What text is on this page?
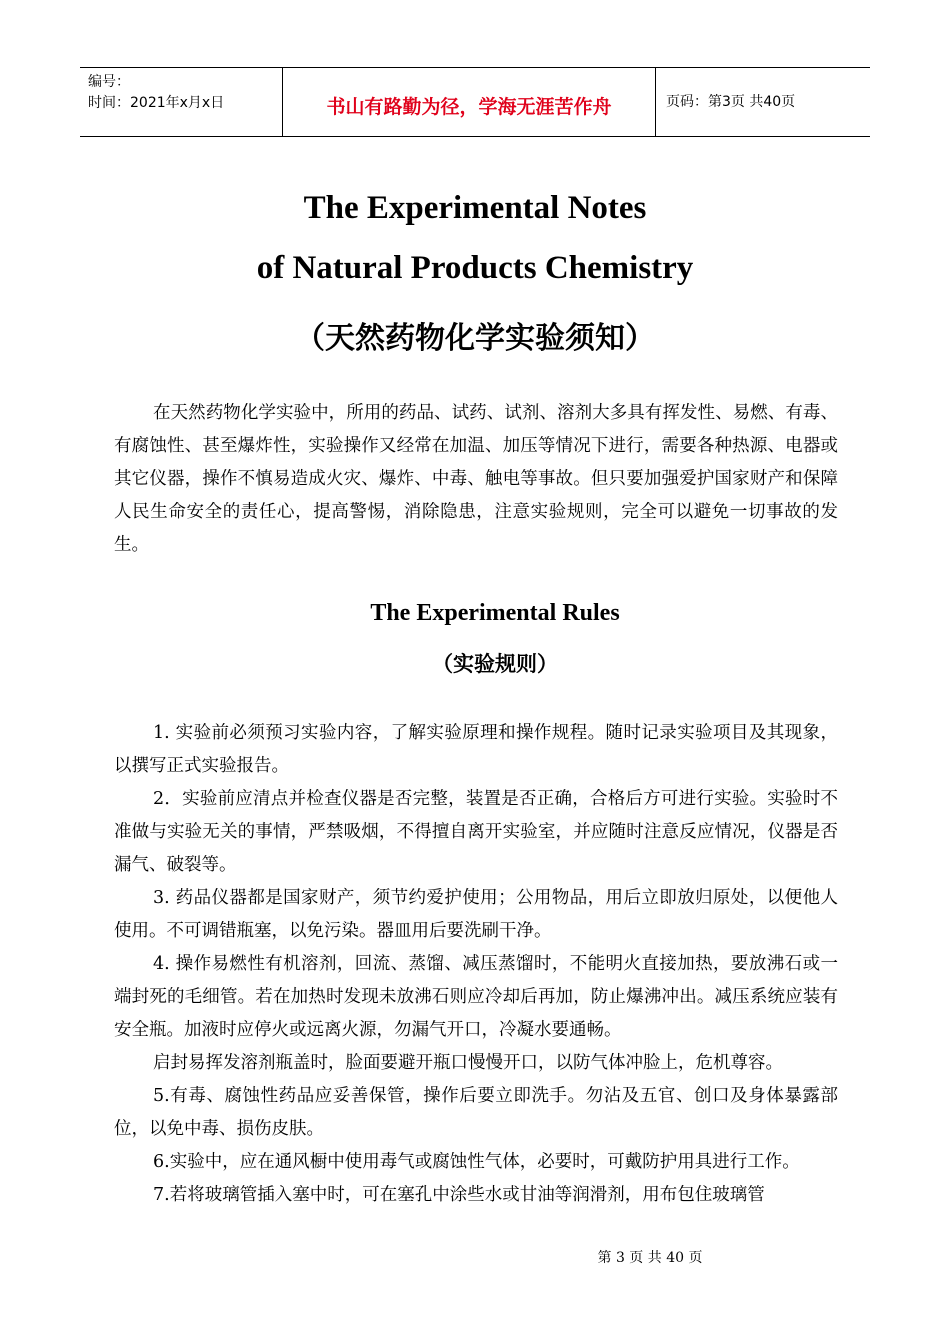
编号：
时间：2021年x月x日	书山有路勤为径，学海无涯苦作舟	页码：第3页 共40页
The Experimental Notes
of Natural Products Chemistry
（天然药物化学实验须知）

在天然药物化学实验中，所用的药品、试药、试剂、溶剂大多具有挥发性、易燃、有毒、有腐蚀性、甚至爆炸性，实验操作又经常在加温、加压等情况下进行，需要各种热源、电器或其它仪器，操作不慎易造成火灾、爆炸、中毒、触电等事故。但只要加强爱护国家财产和保障人民生命安全的责任心，提高警惕，消除隐患，注意实验规则，完全可以避免一切事故的发生。

The Experimental Rules
（实验规则）

1. 实验前必须预习实验内容，了解实验原理和操作规程。随时记录实验项目及其现象，以撰写正式实验报告。

2．实验前应清点并检查仪器是否完整，装置是否正确，合格后方可进行实验。实验时不准做与实验无关的事情，严禁吸烟，不得擅自离开实验室，并应随时注意反应情况，仪器是否漏气、破裂等。

3. 药品仪器都是国家财产，须节约爱护使用；公用物品，用后立即放归原处，以便他人使用。不可调错瓶塞，以免污染。器皿用后要洗刷干净。

4. 操作易燃性有机溶剂，回流、蒸馏、减压蒸馏时，不能明火直接加热，要放沸石或一端封死的毛细管。若在加热时发现未放沸石则应冷却后再加，防止爆沸冲出。减压系统应装有安全瓶。加液时应停火或远离火源，勿漏气开口，冷凝水要通畅。

启封易挥发溶剂瓶盖时，脸面要避开瓶口慢慢开口，以防气体冲脸上，危机尊容。

5.有毒、腐蚀性药品应妥善保管，操作后要立即洗手。勿沾及五官、创口及身体暴露部位，以免中毒、损伤皮肤。

6.实验中，应在通风橱中使用毒气或腐蚀性气体，必要时，可戴防护用具进行工作。

7.若将玻璃管插入塞中时，可在塞孔中涂些水或甘油等润滑剂，用布包住玻璃管

第 3 页 共 40 页
